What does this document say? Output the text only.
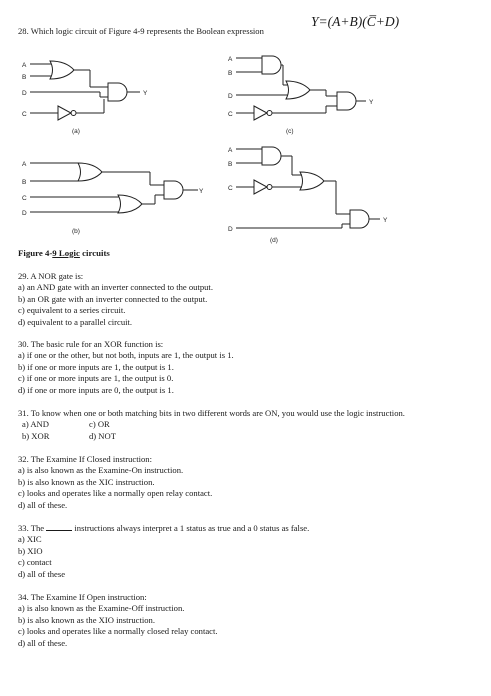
28. Which logic circuit of Figure 4-9 represents the Boolean expression
Y=(A+B)(C̅+D)
A
B
D
C
Y
A
B
C
D
Y
A
B
D
C
Y
A
B
C
D
Y
(a)
(b)
(c)
(d)
Figure 4-9 Logic circuits
29. A NOR gate is:
a) an AND gate with an inverter connected to the output.
b) an OR gate with an inverter connected to the output.
c) equivalent to a series circuit.
d) equivalent to a parallel circuit.
30. The basic rule for an XOR function is:
a) if one or the other, but not both, inputs are 1, the output is 1.
b) if one or more inputs are 1, the output is 1.
c) if one or more inputs are 1, the output is 0.
d) if one or more inputs are 0, the output is 1.
31. To know when one or both matching bits in two different words are ON, you would use the logic instruction.
a) AND	c) OR
b) XOR	d) NOT
32. The Examine If Closed instruction:
a) is also known as the Examine-On instruction.
b) is also known as the XIC instruction.
c) looks and operates like a normally open relay contact.
d) all of these.
33. The	instructions always interpret a 1 status as true and a 0 status as false.
a) XIC
b) XIO
c) contact
d) all of these
34. The Examine If Open instruction:
a) is also known as the Examine-Off instruction.
b) is also known as the XIO instruction.
c) looks and operates like a normally closed relay contact.
d) all of these.
